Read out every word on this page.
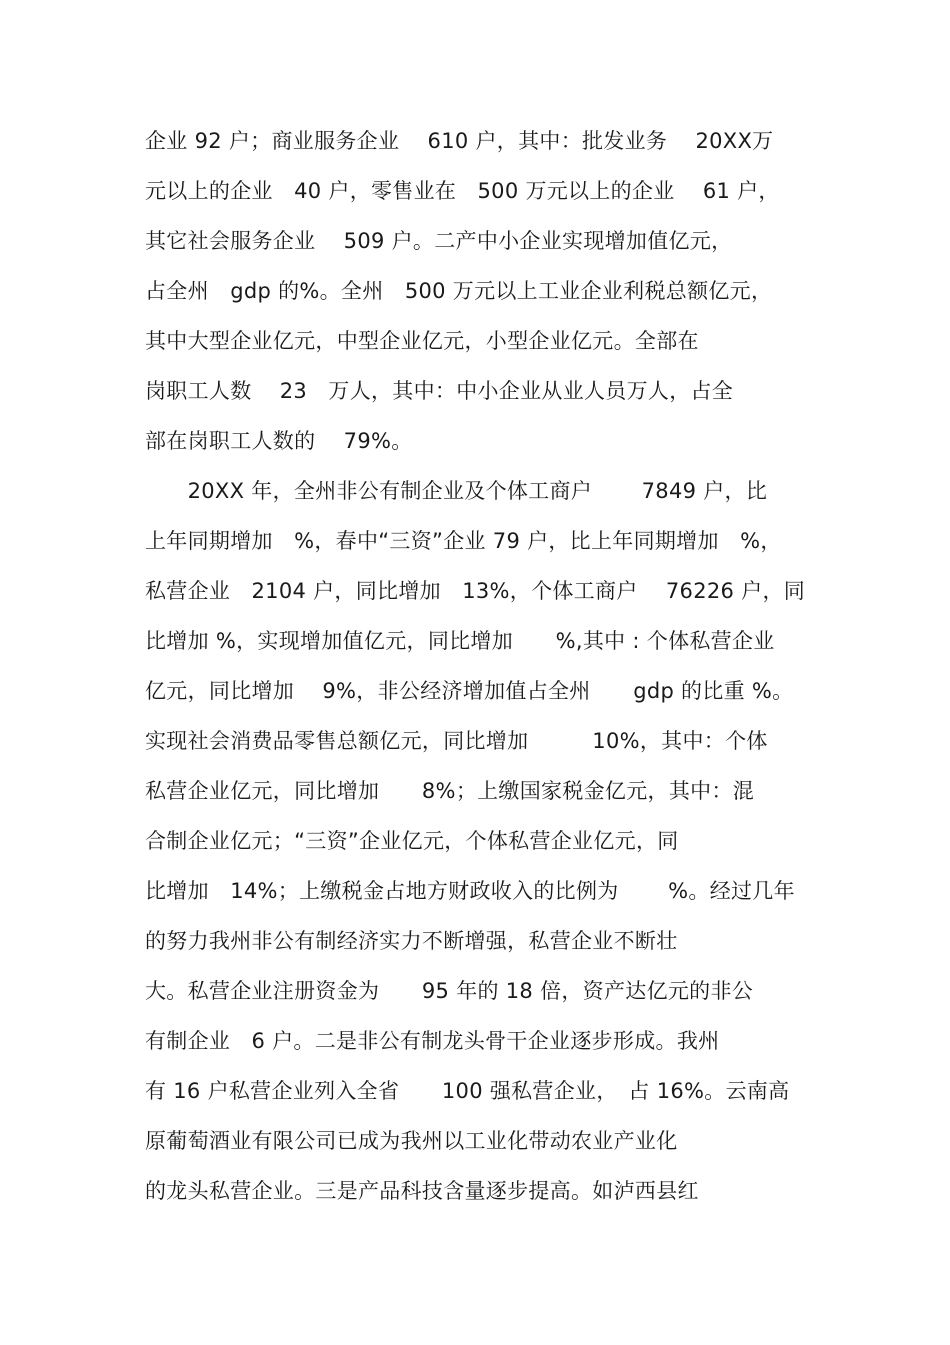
企业 92 户；商业服务企业　 610 户，其中：批发业务　 20XX万
元以上的企业　40 户，零售业在　500 万元以上的企业　 61 户，
其它社会服务企业　 509 户。二产中小企业实现增加值亿元，
占全州　gdp 的%。全州　500 万元以上工业企业利税总额亿元，
其中大型企业亿元，中型企业亿元，小型企业亿元。全部在
岗职工人数　 23　万人，其中：中小企业从业人员万人，占全
部在岗职工人数的　 79%。
　　20XX 年，全州非公有制企业及个体工商户　　 7849 户，比
上年同期增加　%，春中“三资”企业 79 户，比上年同期增加　%，
私营企业　2104 户，同比增加　13%，个体工商户　 76226 户，同
比增加 %，实现增加值亿元，同比增加　　%,其中 : 个体私营企业
亿元，同比增加　 9%，非公经济增加值占全州　　gdp 的比重 %。
实现社会消费品零售总额亿元，同比增加　　　10%，其中：个体
私营企业亿元，同比增加　　8%；上缴国家税金亿元，其中：混
合制企业亿元；“三资”企业亿元，个体私营企业亿元，同
比增加　14%；上缴税金占地方财政收入的比例为　　 %。经过几年
的努力我州非公有制经济实力不断增强，私营企业不断壮
大。私营企业注册资金为　　95 年的 18 倍，资产达亿元的非公
有制企业　6 户。二是非公有制龙头骨干企业逐步形成。我州
有 16 户私营企业列入全省　　100 强私营企业，　占 16%。云南高
原葡萄酒业有限公司已成为我州以工业化带动农业产业化
的龙头私营企业。三是产品科技含量逐步提高。如泸西县红
